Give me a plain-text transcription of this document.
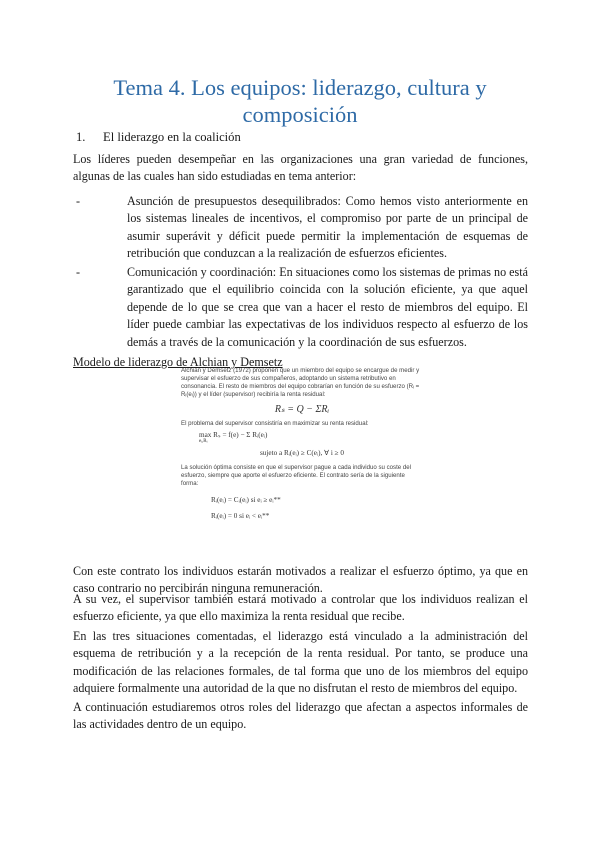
Tema 4. Los equipos: liderazgo, cultura y composición
1. El liderazgo en la coalición

Los líderes pueden desempeñar en las organizaciones una gran variedad de funciones, algunas de las cuales han sido estudiadas en tema anterior:

-	Asunción de presupuestos desequilibrados: Como hemos visto anteriormente en los sistemas lineales de incentivos, el compromiso por parte de un principal de asumir superávit y déficit puede permitir la implementación de esquemas de retribución que conduzcan a la realización de esfuerzos eficientes.
-	Comunicación y coordinación: En situaciones como los sistemas de primas no está garantizado que el equilibrio coincida con la solución eficiente, ya que aquel depende de lo que se crea que van a hacer el resto de miembros del equipo. El líder puede cambiar las expectativas de los individuos respecto al esfuerzo de los demás a través de la comunicación y la coordinación de sus esfuerzos.
Modelo de liderazgo de Alchian y Demsetz

Alchian y Demsetz (1972) proponen que un miembro del equipo se encargue de medir y supervisar el esfuerzo de sus compañeros, adoptando un sistema retributivo en consonancia. El resto de miembros del equipo cobrarían en función de su esfuerzo (Rᵢ = Rᵢ(eᵢ)) y el líder (supervisor) recibiría la renta residual:

Rₛ = Q − ΣRᵢ

El problema del supervisor consistiría en maximizar su renta residual:

max Rₛ = f(e) − Σ Rᵢ(eᵢ)
eᵢ,Rᵢ
sujeto a Rᵢ(eᵢ) ≥ C(eᵢ), ∀ i ≥ 0

La solución óptima consiste en que el supervisor pague a cada individuo su coste del esfuerzo, siempre que aporte el esfuerzo eficiente. El contrato sería de la siguiente forma:

Rᵢ(eᵢ) = Cᵢ(eᵢ) si eᵢ ≥ eᵢ**
Rᵢ(eᵢ) = 0 si eᵢ < eᵢ**

Con este contrato los individuos estarán motivados a realizar el esfuerzo óptimo, ya que en caso contrario no percibirán ninguna remuneración.

A su vez, el supervisor también estará motivado a controlar que los individuos realizan el esfuerzo eficiente, ya que ello maximiza la renta residual que recibe.

En las tres situaciones comentadas, el liderazgo está vinculado a la administración del esquema de retribución y a la recepción de la renta residual. Por tanto, se produce una modificación de las relaciones formales, de tal forma que uno de los miembros del equipo adquiere formalmente una autoridad de la que no disfrutan el resto de miembros del equipo.

A continuación estudiaremos otros roles del liderazgo que afectan a aspectos informales de las actividades dentro de un equipo.
